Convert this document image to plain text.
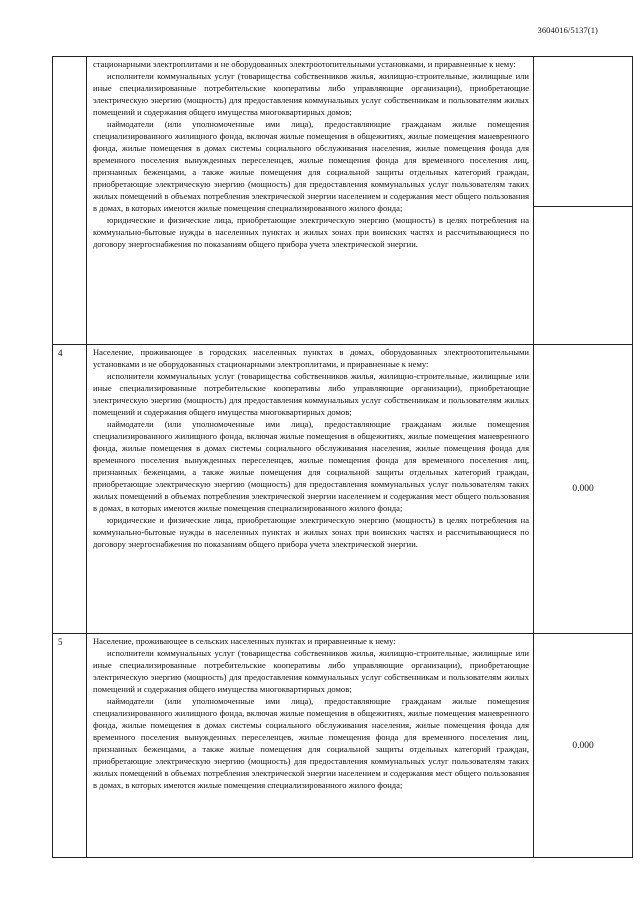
3604016/5137(1)

	стационарными электроплитами и не оборудованных электроотопительными установками, и приравненные к нему:

исполнители коммунальных услуг (товарищества собственников жилья, жилищно-строительные, жилищные или иные специализированные потребительские кооперативы либо управляющие организации), приобретающие электрическую энергию (мощность) для предоставления коммунальных услуг собственникам и пользователям жилых помещений и содержания общего имущества многоквартирных домов;

наймодатели (или уполномоченные ими лица), предоставляющие гражданам жилые помещения специализированного жилищного фонда, включая жилые помещения в общежитиях, жилые помещения маневренного фонда, жилые помещения в домах системы социального обслуживания населения, жилые помещения фонда для временного поселения вынужденных переселенцев, жилые помещения фонда для временного поселения лиц, признанных беженцами, а также жилые помещения для социальной защиты отдельных категорий граждан, приобретающие электрическую энергию (мощность) для предоставления коммунальных услуг пользователям таких жилых помещений в объемах потребления электрической энергии населением и содержания мест общего пользования в домах, в которых имеются жилые помещения специализированного жилого фонда;

юридические и физические лица, приобретающие электрическую энергию (мощность) в целях потребления на коммунально-бытовые нужды в населенных пунктах и жилых зонах при воинских частях и рассчитывающиеся по договору энергоснабжения по показаниям общего прибора учета электрической энергии.	

4	Население, проживающее в городских населенных пунктах в домах, оборудованных электроотопительными установками и не оборудованных стационарными электроплитами, и приравненные к нему:

исполнители коммунальных услуг (товарищества собственников жилья, жилищно-строительные, жилищные или иные специализированные потребительские кооперативы либо управляющие организации), приобретающие электрическую энергию (мощность) для предоставления коммунальных услуг собственникам и пользователям жилых помещений и содержания общего имущества многоквартирных домов;

наймодатели (или уполномоченные ими лица), предоставляющие гражданам жилые помещения специализированного жилищного фонда, включая жилые помещения в общежитиях, жилые помещения маневренного фонда, жилые помещения в домах системы социального обслуживания населения, жилые помещения фонда для временного поселения вынужденных переселенцев, жилые помещения фонда для временного поселения лиц, признанных беженцами, а также жилые помещения для социальной защиты отдельных категорий граждан, приобретающие электрическую энергию (мощность) для предоставления коммунальных услуг пользователям таких жилых помещений в объемах потребления электрической энергии населением и содержания мест общего пользования в домах, в которых имеются жилые помещения специализированного жилого фонда;

юридические и физические лица, приобретающие электрическую энергию (мощность) в целях потребления на коммунально-бытовые нужды в населенных пунктах и жилых зонах при воинских частях и рассчитывающиеся по договору энергоснабжения по показаниям общего прибора учета электрической энергии.	0.000
5	Население, проживающее в сельских населенных пунктах и приравненные к нему:

исполнители коммунальных услуг (товарищества собственников жилья, жилищно-строительные, жилищные или иные специализированные потребительские кооперативы либо управляющие организации), приобретающие электрическую энергию (мощность) для предоставления коммунальных услуг собственникам и пользователям жилых помещений и содержания общего имущества многоквартирных домов;

наймодатели (или уполномоченные ими лица), предоставляющие гражданам жилые помещения специализированного жилищного фонда, включая жилые помещения в общежитиях, жилые помещения маневренного фонда, жилые помещения в домах системы социального обслуживания населения, жилые помещения фонда для временного поселения вынужденных переселенцев, жилые помещения фонда для временного поселения лиц, признанных беженцами, а также жилые помещения для социальной защиты отдельных категорий граждан, приобретающие электрическую энергию (мощность) для предоставления коммунальных услуг пользователям таких жилых помещений в объемах потребления электрической энергии населением и содержания мест общего пользования в домах, в которых имеются жилые помещения специализированного жилого фонда;	0.000
